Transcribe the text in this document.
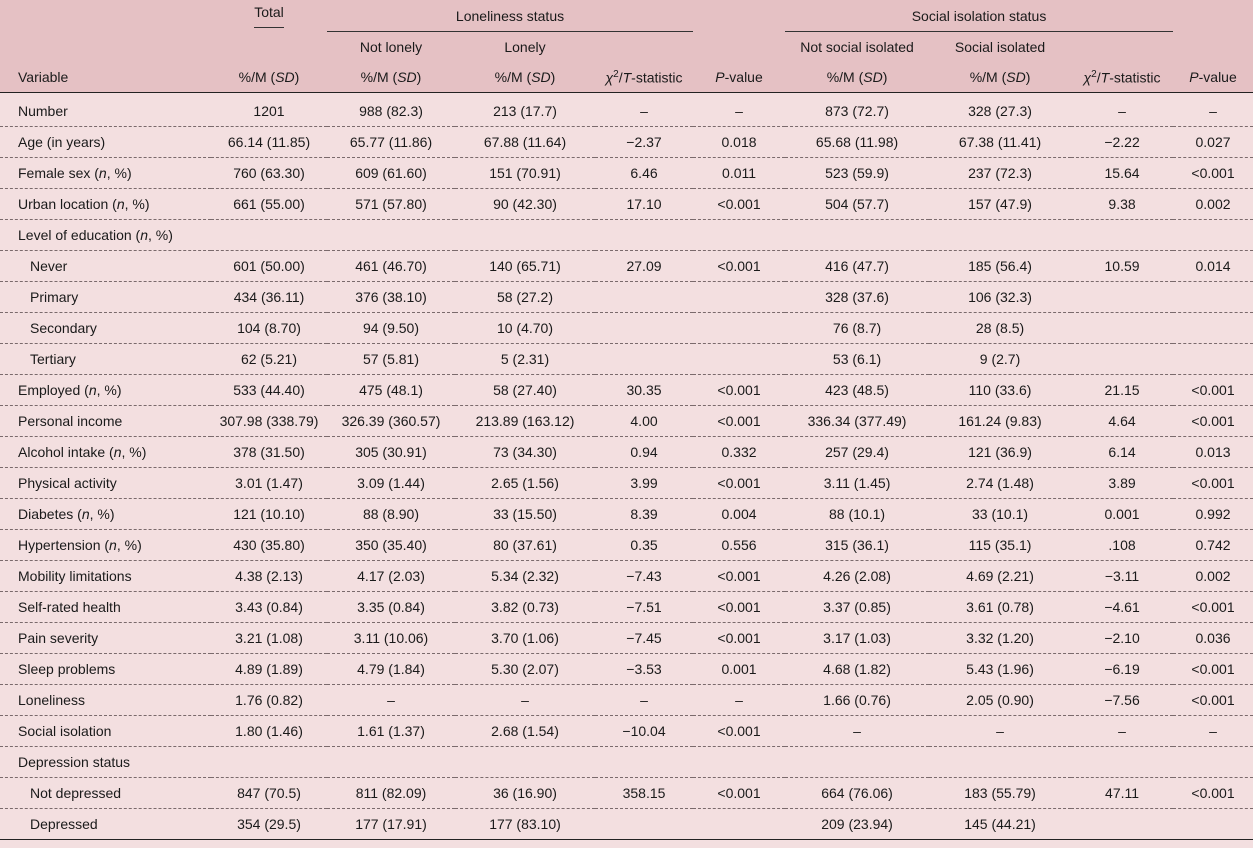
	Total	Loneliness status				Social isolation status			
		Not lonely	Lonely			Not social isolated	Social isolated		
Variable	%/M (SD)	%/M (SD)	%/M (SD)	$\chi^2/T$-statistic	P-value	%/M (SD)	%/M (SD)	$\chi^2/T$-statistic	P-value
Number	1201	988 (82.3)	213 (17.7)	–	–	873 (72.7)	328 (27.3)	–	–
Age (in years)	66.14 (11.85)	65.77 (11.86)	67.88 (11.64)	−2.37	0.018	65.68 (11.98)	67.38 (11.41)	−2.22	0.027
Female sex (n, %)	760 (63.30)	609 (61.60)	151 (70.91)	6.46	0.011	523 (59.9)	237 (72.3)	15.64	<0.001
Urban location (n, %)	661 (55.00)	571 (57.80)	90 (42.30)	17.10	<0.001	504 (57.7)	157 (47.9)	9.38	0.002
Level of education (n, %)									
Never	601 (50.00)	461 (46.70)	140 (65.71)	27.09	<0.001	416 (47.7)	185 (56.4)	10.59	0.014
Primary	434 (36.11)	376 (38.10)	58 (27.2)			328 (37.6)	106 (32.3)		
Secondary	104 (8.70)	94 (9.50)	10 (4.70)			76 (8.7)	28 (8.5)		
Tertiary	62 (5.21)	57 (5.81)	5 (2.31)			53 (6.1)	9 (2.7)		
Employed (n, %)	533 (44.40)	475 (48.1)	58 (27.40)	30.35	<0.001	423 (48.5)	110 (33.6)	21.15	<0.001
Personal income	307.98 (338.79)	326.39 (360.57)	213.89 (163.12)	4.00	<0.001	336.34 (377.49)	161.24 (9.83)	4.64	<0.001
Alcohol intake (n, %)	378 (31.50)	305 (30.91)	73 (34.30)	0.94	0.332	257 (29.4)	121 (36.9)	6.14	0.013
Physical activity	3.01 (1.47)	3.09 (1.44)	2.65 (1.56)	3.99	<0.001	3.11 (1.45)	2.74 (1.48)	3.89	<0.001
Diabetes (n, %)	121 (10.10)	88 (8.90)	33 (15.50)	8.39	0.004	88 (10.1)	33 (10.1)	0.001	0.992
Hypertension (n, %)	430 (35.80)	350 (35.40)	80 (37.61)	0.35	0.556	315 (36.1)	115 (35.1)	.108	0.742
Mobility limitations	4.38 (2.13)	4.17 (2.03)	5.34 (2.32)	−7.43	<0.001	4.26 (2.08)	4.69 (2.21)	−3.11	0.002
Self-rated health	3.43 (0.84)	3.35 (0.84)	3.82 (0.73)	−7.51	<0.001	3.37 (0.85)	3.61 (0.78)	−4.61	<0.001
Pain severity	3.21 (1.08)	3.11 (10.06)	3.70 (1.06)	−7.45	<0.001	3.17 (1.03)	3.32 (1.20)	−2.10	0.036
Sleep problems	4.89 (1.89)	4.79 (1.84)	5.30 (2.07)	−3.53	0.001	4.68 (1.82)	5.43 (1.96)	−6.19	<0.001
Loneliness	1.76 (0.82)	–	–	–	–	1.66 (0.76)	2.05 (0.90)	−7.56	<0.001
Social isolation	1.80 (1.46)	1.61 (1.37)	2.68 (1.54)	−10.04	<0.001	–	–	–	–
Depression status									
Not depressed	847 (70.5)	811 (82.09)	36 (16.90)	358.15	<0.001	664 (76.06)	183 (55.79)	47.11	<0.001
Depressed	354 (29.5)	177 (17.91)	177 (83.10)			209 (23.94)	145 (44.21)		
